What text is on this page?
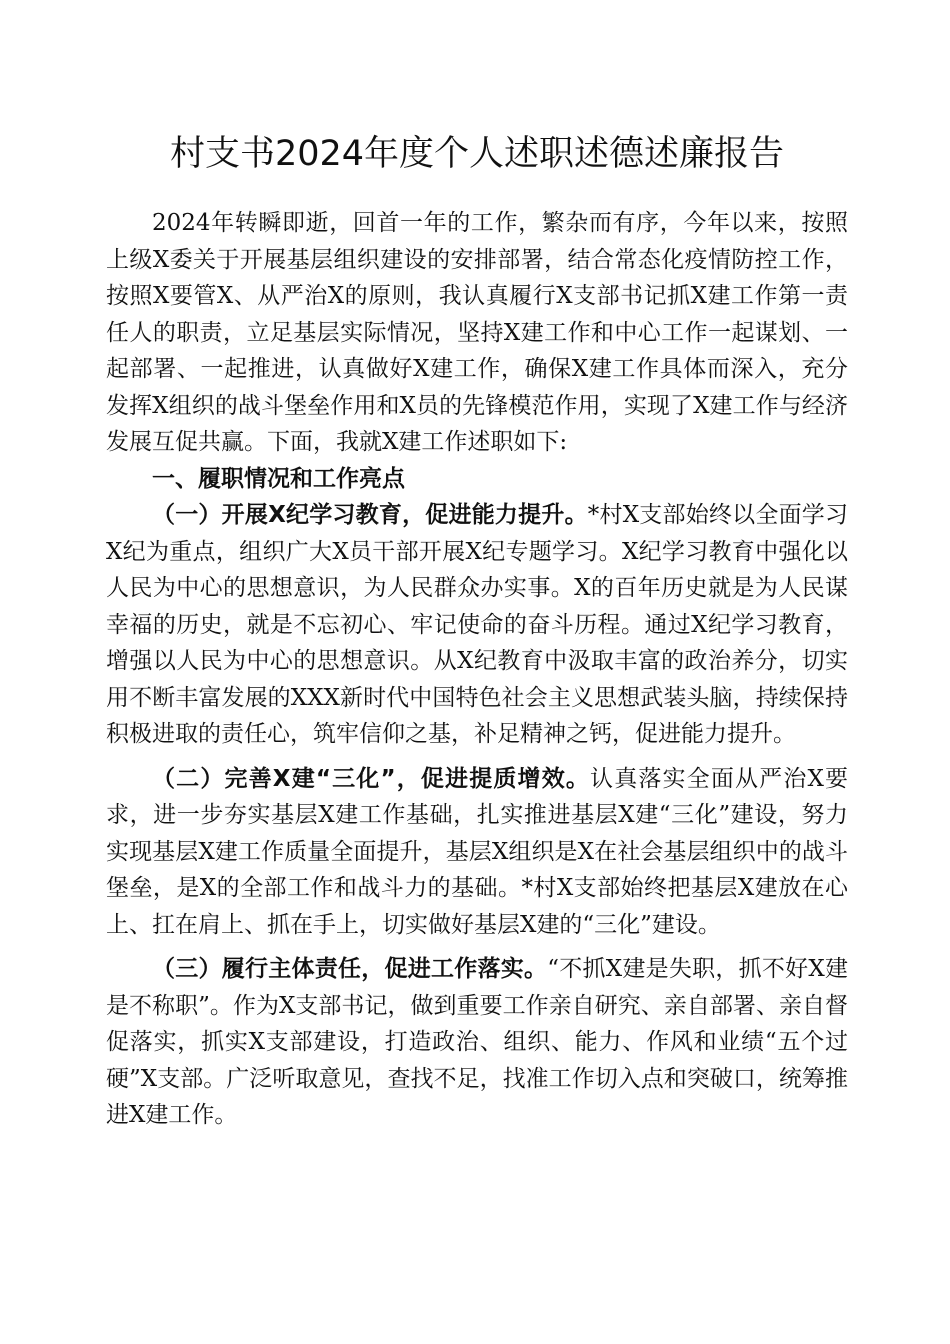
村支书2024年度个人述职述德述廉报告

2024年转瞬即逝，回首一年的工作，繁杂而有序，今年以来，按照上级X委关于开展基层组织建设的安排部署，结合常态化疫情防控工作，按照X要管X、从严治X的原则，我认真履行X支部书记抓X建工作第一责任人的职责，立足基层实际情况，坚持X建工作和中心工作一起谋划、一起部署、一起推进，认真做好X建工作，确保X建工作具体而深入，充分发挥X组织的战斗堡垒作用和X员的先锋模范作用，实现了X建工作与经济发展互促共赢。下面，我就X建工作述职如下:

一、履职情况和工作亮点

（一）开展X纪学习教育，促进能力提升。*村X支部始终以全面学习X纪为重点，组织广大X员干部开展X纪专题学习。X纪学习教育中强化以人民为中心的思想意识，为人民群众办实事。X的百年历史就是为人民谋幸福的历史，就是不忘初心、牢记使命的奋斗历程。通过X纪学习教育，增强以人民为中心的思想意识。从X纪教育中汲取丰富的政治养分，切实用不断丰富发展的XXX新时代中国特色社会主义思想武装头脑，持续保持积极进取的责任心，筑牢信仰之基，补足精神之钙，促进能力提升。

（二）完善X建“三化”，促进提质增效。认真落实全面从严治X要求，进一步夯实基层X建工作基础，扎实推进基层X建“三化”建设，努力实现基层X建工作质量全面提升，基层X组织是X在社会基层组织中的战斗堡垒，是X的全部工作和战斗力的基础。*村X支部始终把基层X建放在心上、扛在肩上、抓在手上，切实做好基层X建的“三化”建设。

（三）履行主体责任，促进工作落实。“不抓X建是失职，抓不好X建是不称职”。作为X支部书记，做到重要工作亲自研究、亲自部署、亲自督促落实，抓实X支部建设，打造政治、组织、能力、作风和业绩“五个过硬”X支部。广泛听取意见，查找不足，找准工作切入点和突破口，统筹推进X建工作。
